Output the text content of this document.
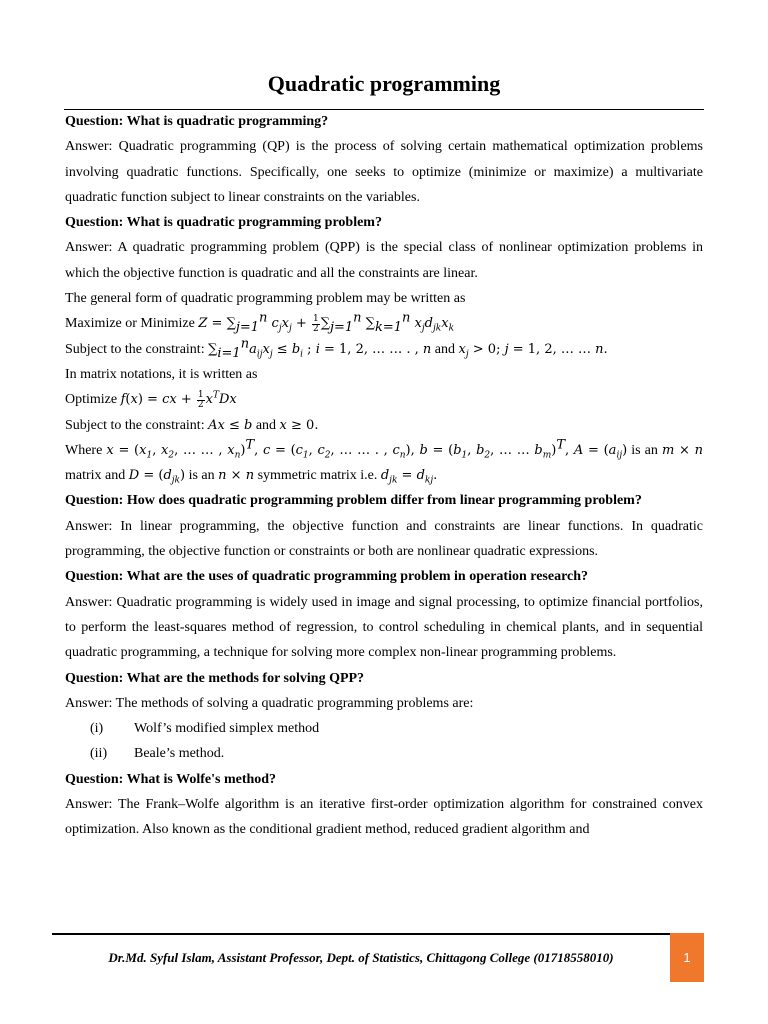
Quadratic programming

Question: What is quadratic programming?

Answer: Quadratic programming (QP) is the process of solving certain mathematical optimization problems involving quadratic functions. Specifically, one seeks to optimize (minimize or maximize) a multivariate quadratic function subject to linear constraints on the variables.

Question: What is quadratic programming problem?

Answer: A quadratic programming problem (QPP) is the special class of nonlinear optimization problems in which the objective function is quadratic and all the constraints are linear.

The general form of quadratic programming problem may be written as

Maximize or Minimize $Z = \sum_{j=1}^n$ $c_jx_j + \frac{1}{2} \sum_{j=1}^n$ $\sum_{k=1}^n$ $x_jd_{jk}x_k$

Subject to the constraint: $\sum_{i=1}^na_{ij}x_j \le b_i$ ; i = 1, 2, … … . , n and $x_j > 0$; j = 1, 2, … … n.

In matrix notations, it is written as

Optimize f(x) = cx + $\frac{1}{2} x^TDx$

Subject to the constraint: Ax ≤ b and x ≥ 0.

Where $x = (x_1$, $x_2$, … … , $x_n)^T$, $c = (c_1$, $c_2$, … … . , $c_n$), $b = (b_1$, $b_2$, … … $b_m)^T$, $A = (a_{ij})$ is an m × n matrix and $D = (d_{jk})$ is an n × n symmetric matrix i.e. $d_{jk} = d_{kj}$.

Question: How does quadratic programming problem differ from linear programming problem?

Answer: In linear programming, the objective function and constraints are linear functions. In quadratic programming, the objective function or constraints or both are nonlinear quadratic expressions.

Question: What are the uses of quadratic programming problem in operation research?

Answer: Quadratic programming is widely used in image and signal processing, to optimize financial portfolios, to perform the least-squares method of regression, to control scheduling in chemical plants, and in sequential quadratic programming, a technique for solving more complex non-linear programming problems.

Question: What are the methods for solving QPP?

Answer: The methods of solving a quadratic programming problems are:

(i) Wolf’s modified simplex method

(ii) Beale’s method.

Question: What is Wolfe's method?

Answer: The Frank–Wolfe algorithm is an iterative first-order optimization algorithm for constrained convex optimization. Also known as the conditional gradient method, reduced gradient algorithm and

Dr.Md. Syful Islam, Assistant Professor, Dept. of Statistics, Chittagong College (01718558010)	1
